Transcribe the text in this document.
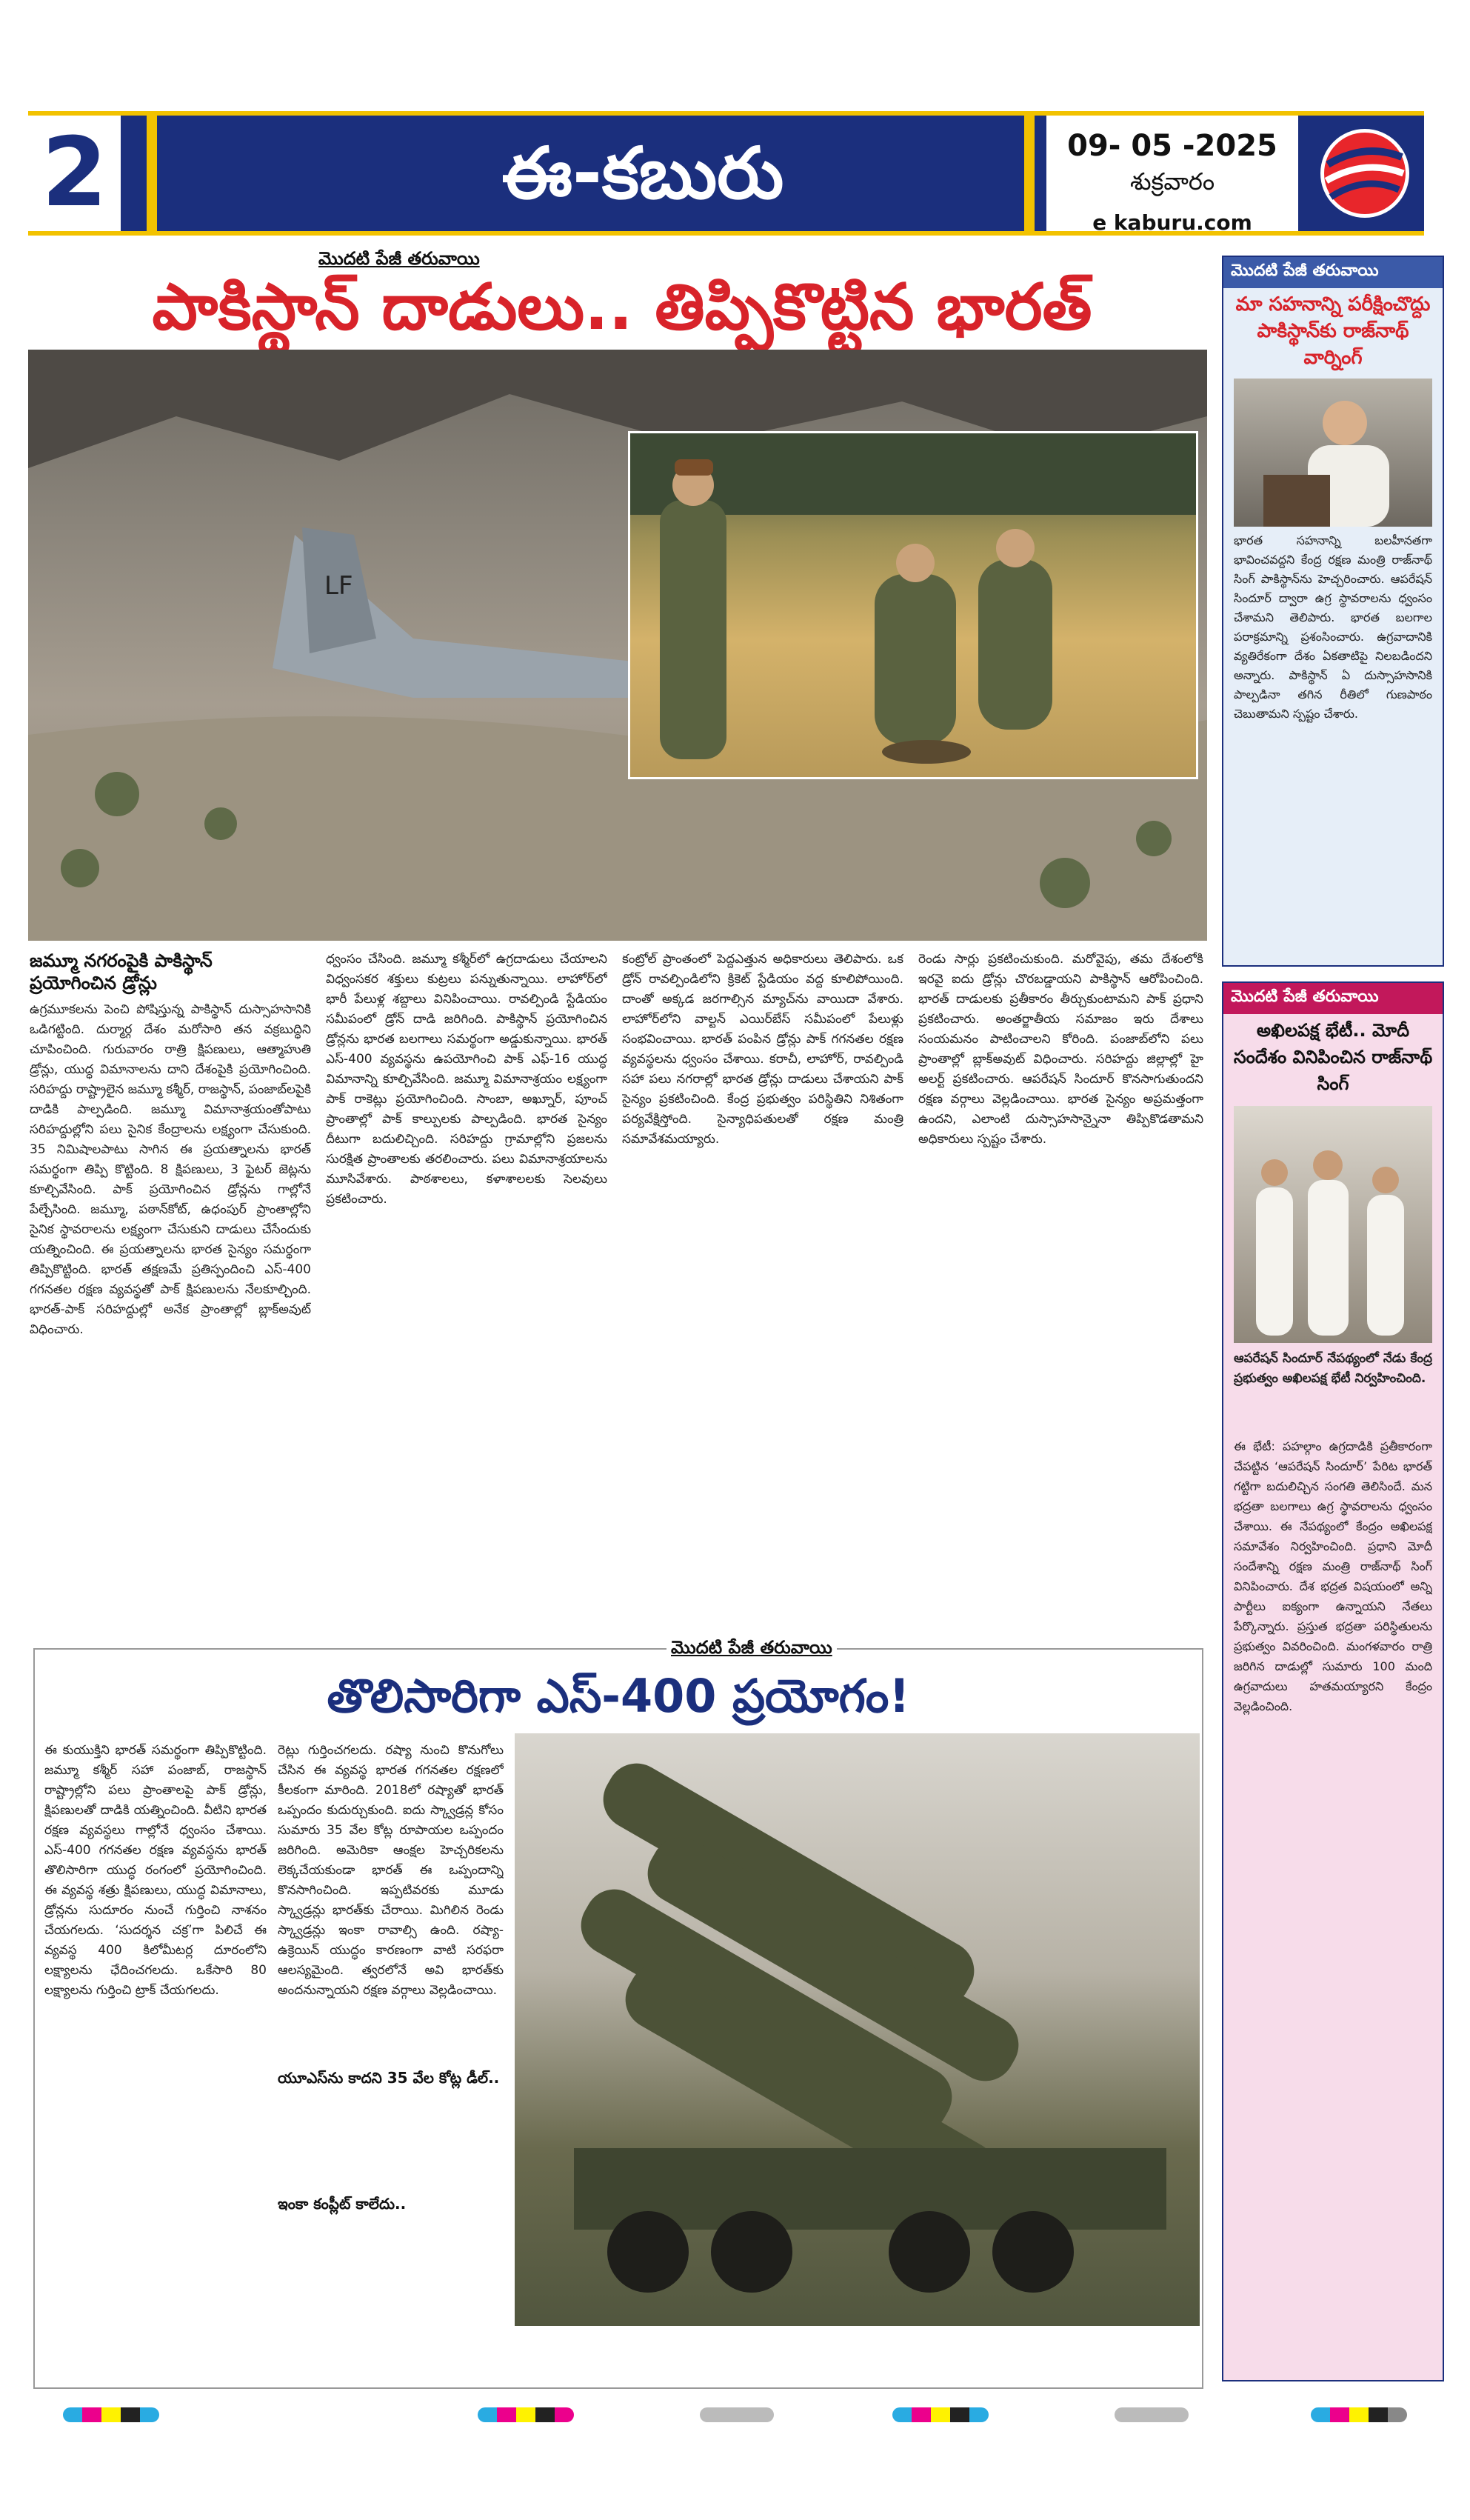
2	ఈ-కబురు	09- 05 -2025
శుక్రవారం
e kaburu.com
మొదటి పేజీ తరువాయి
పాకిస్థాన్ దాడులు.. తిప్పికొట్టిన భారత్
LF
జమ్మూ నగరంపైకి పాకిస్థాన్ ప్రయోగించిన డ్రోన్లు
ఉగ్రమూకలను పెంచి పోషిస్తున్న పాకిస్థాన్ దుస్సాహసానికి ఒడిగట్టింది. దుర్మార్గ దేశం మరోసారి తన వక్రబుద్ధిని చూపించింది. గురువారం రాత్రి క్షిపణులు, ఆత్మాహుతి డ్రోన్లు, యుద్ధ విమానాలను దాని దేశంపైకి ప్రయోగించింది. సరిహద్దు రాష్ట్రాలైన జమ్మూ కశ్మీర్, రాజస్థాన్, పంజాబ్‌లపైకి దాడికి పాల్పడింది. జమ్మూ విమానాశ్రయంతోపాటు సరిహద్దుల్లోని పలు సైనిక కేంద్రాలను లక్ష్యంగా చేసుకుంది. 35 నిమిషాలపాటు సాగిన ఈ ప్రయత్నాలను భారత్ సమర్థంగా తిప్పి కొట్టింది. 8 క్షిపణులు, 3 ఫైటర్ జెట్లను కూల్చివేసింది. పాక్ ప్రయోగించిన డ్రోన్లను గాల్లోనే పేల్చేసింది. జమ్మూ, పఠాన్‌కోట్, ఉధంపుర్ ప్రాంతాల్లోని సైనిక స్థావరాలను లక్ష్యంగా చేసుకుని దాడులు చేసేందుకు యత్నించింది. ఈ ప్రయత్నాలను భారత సైన్యం సమర్థంగా తిప్పికొట్టింది. భారత్‌ తక్షణమే ప్రతిస్పందించి ఎస్‌-400 గగనతల రక్షణ వ్యవస్థతో పాక్‌ క్షిపణులను నేలకూల్చింది. భారత్‌-పాక్‌ సరిహద్దుల్లో అనేక ప్రాంతాల్లో బ్లాక్‌అవుట్‌ విధించారు.
ధ్వంసం చేసింది. జమ్మూ కశ్మీర్‌లో ఉగ్రదాడులు చేయాలని విధ్వంసకర శక్తులు కుట్రలు పన్నుతున్నాయి. లాహోర్‌లో భారీ పేలుళ్ల శబ్దాలు వినిపించాయి. రావల్పిండి స్టేడియం సమీపంలో డ్రోన్‌ దాడి జరిగింది. పాకిస్థాన్‌ ప్రయోగించిన డ్రోన్లను భారత బలగాలు సమర్థంగా అడ్డుకున్నాయి. భారత్‌ ఎస్‌-400 వ్యవస్థను ఉపయోగించి పాక్‌ ఎఫ్‌-16 యుద్ధ విమానాన్ని కూల్చివేసింది. జమ్మూ విమానాశ్రయం లక్ష్యంగా పాక్‌ రాకెట్లు ప్రయోగించింది. సాంబా, అఖ్నూర్‌, పూంచ్‌ ప్రాంతాల్లో పాక్‌ కాల్పులకు పాల్పడింది. భారత సైన్యం దీటుగా బదులిచ్చింది. సరిహద్దు గ్రామాల్లోని ప్రజలను సురక్షిత ప్రాంతాలకు తరలించారు. పలు విమానాశ్రయాలను మూసివేశారు. పాఠశాలలు, కళాశాలలకు సెలవులు ప్రకటించారు.
కంట్రోల్‌ ప్రాంతంలో పెద్దఎత్తున అధికారులు తెలిపారు. ఒక డ్రోన్‌ రావల్పిండిలోని క్రికెట్‌ స్టేడియం వద్ద కూలిపోయింది. దాంతో అక్కడ జరగాల్సిన మ్యాచ్‌ను వాయిదా వేశారు. లాహోర్‌లోని వాల్టన్‌ ఎయిర్‌బేస్‌ సమీపంలో పేలుళ్లు సంభవించాయి. భారత్‌ పంపిన డ్రోన్లు పాక్‌ గగనతల రక్షణ వ్యవస్థలను ధ్వంసం చేశాయి. కరాచీ, లాహోర్‌, రావల్పిండి సహా పలు నగరాల్లో భారత డ్రోన్లు దాడులు చేశాయని పాక్‌ సైన్యం ప్రకటించింది. కేంద్ర ప్రభుత్వం పరిస్థితిని నిశితంగా పర్యవేక్షిస్తోంది. సైన్యాధిపతులతో రక్షణ మంత్రి సమావేశమయ్యారు.
రెండు సార్లు ప్రకటించుకుంది. మరోవైపు, తమ దేశంలోకి ఇరవై ఐదు డ్రోన్లు చొరబడ్డాయని పాకిస్థాన్‌ ఆరోపించింది. భారత్‌ దాడులకు ప్రతీకారం తీర్చుకుంటామని పాక్‌ ప్రధాని ప్రకటించారు. అంతర్జాతీయ సమాజం ఇరు దేశాలు సంయమనం పాటించాలని కోరింది. పంజాబ్‌లోని పలు ప్రాంతాల్లో బ్లాక్‌అవుట్‌ విధించారు. సరిహద్దు జిల్లాల్లో హై అలర్ట్‌ ప్రకటించారు. ఆపరేషన్‌ సిందూర్‌ కొనసాగుతుందని రక్షణ వర్గాలు వెల్లడించాయి. భారత సైన్యం అప్రమత్తంగా ఉందని, ఎలాంటి దుస్సాహసాన్నైనా తిప్పికొడతామని అధికారులు స్పష్టం చేశారు.
మొదటి పేజీ తరువాయి
మా సహనాన్ని పరీక్షించొద్దు పాకిస్థాన్‌కు రాజ్‌నాథ్ వార్నింగ్
భారత సహనాన్ని బలహీనతగా భావించవద్దని కేంద్ర రక్షణ మంత్రి రాజ్‌నాథ్‌ సింగ్‌ పాకిస్థాన్‌ను హెచ్చరించారు. ఆపరేషన్‌ సిందూర్‌ ద్వారా ఉగ్ర స్థావరాలను ధ్వంసం చేశామని తెలిపారు. భారత బలగాల పరాక్రమాన్ని ప్రశంసించారు. ఉగ్రవాదానికి వ్యతిరేకంగా దేశం ఏకతాటిపై నిలబడిందని అన్నారు. పాకిస్థాన్‌ ఏ దుస్సాహసానికి పాల్పడినా తగిన రీతిలో గుణపాఠం చెబుతామని స్పష్టం చేశారు.
మొదటి పేజీ తరువాయి
అఖిలపక్ష భేటీ.. మోదీ సందేశం వినిపించిన రాజ్‌నాథ్ సింగ్
ఆపరేషన్‌ సిందూర్‌ నేపథ్యంలో నేడు కేంద్ర ప్రభుత్వం అఖిలపక్ష భేటీ నిర్వహించింది.
ఈ భేటీ: పహల్గాం ఉగ్రదాడికి ప్రతీకారంగా చేపట్టిన ‘ఆపరేషన్‌ సిందూర్‌’ పేరిట భారత్‌ గట్టిగా బదులిచ్చిన సంగతి తెలిసిందే. మన భద్రతా బలగాలు ఉగ్ర స్థావరాలను ధ్వంసం చేశాయి. ఈ నేపథ్యంలో కేంద్రం అఖిలపక్ష సమావేశం నిర్వహించింది. ప్రధాని మోదీ సందేశాన్ని రక్షణ మంత్రి రాజ్‌నాథ్‌ సింగ్‌ వినిపించారు. దేశ భద్రత విషయంలో అన్ని పార్టీలు ఐక్యంగా ఉన్నాయని నేతలు పేర్కొన్నారు. ప్రస్తుత భద్రతా పరిస్థితులను ప్రభుత్వం వివరించింది. మంగళవారం రాత్రి జరిగిన దాడుల్లో సుమారు 100 మంది ఉగ్రవాదులు హతమయ్యారని కేంద్రం వెల్లడించింది.
మొదటి పేజీ తరువాయి
తొలిసారిగా ఎస్-400 ప్రయోగం!
ఈ కుయుక్తిని భారత్‌ సమర్థంగా తిప్పికొట్టింది. జమ్మూ కశ్మీర్‌ సహా పంజాబ్‌, రాజస్థాన్‌ రాష్ట్రాల్లోని పలు ప్రాంతాలపై పాక్‌ డ్రోన్లు, క్షిపణులతో దాడికి యత్నించింది. వీటిని భారత రక్షణ వ్యవస్థలు గాల్లోనే ధ్వంసం చేశాయి. ఎస్‌-400 గగనతల రక్షణ వ్యవస్థను భారత్‌ తొలిసారిగా యుద్ధ రంగంలో ప్రయోగించింది. ఈ వ్యవస్థ శత్రు క్షిపణులు, యుద్ధ విమానాలు, డ్రోన్లను సుదూరం నుంచే గుర్తించి నాశనం చేయగలదు. ‘సుదర్శన చక్ర’గా పిలిచే ఈ వ్యవస్థ 400 కిలోమీటర్ల దూరంలోని లక్ష్యాలను ఛేదించగలదు. ఒకేసారి 80 లక్ష్యాలను గుర్తించి ట్రాక్‌ చేయగలదు.
రెట్లు గుర్తించగలదు. రష్యా నుంచి కొనుగోలు చేసిన ఈ వ్యవస్థ భారత గగనతల రక్షణలో కీలకంగా మారింది. 2018లో రష్యాతో భారత్‌ ఒప్పందం కుదుర్చుకుంది. ఐదు స్క్వాడ్రన్ల కోసం సుమారు 35 వేల కోట్ల రూపాయల ఒప్పందం జరిగింది. అమెరికా ఆంక్షల హెచ్చరికలను లెక్కచేయకుండా భారత్‌ ఈ ఒప్పందాన్ని కొనసాగించింది. ఇప్పటివరకు మూడు స్క్వాడ్రన్లు భారత్‌కు చేరాయి. మిగిలిన రెండు స్క్వాడ్రన్లు ఇంకా రావాల్సి ఉంది. రష్యా-ఉక్రెయిన్‌ యుద్ధం కారణంగా వాటి సరఫరా ఆలస్యమైంది. త్వరలోనే అవి భారత్‌కు అందనున్నాయని రక్షణ వర్గాలు వెల్లడించాయి.
యూఎస్‌ను కాదని 35 వేల కోట్ల డీల్..
ఇంకా కంప్లీట్ కాలేదు..
